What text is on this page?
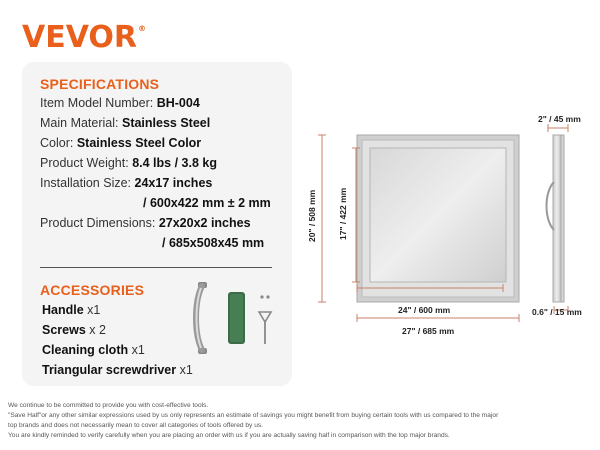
VEVOR®
SPECIFICATIONS
Item Model Number: BH-004
Main Material: Stainless Steel
Color: Stainless Steel Color
Product Weight: 8.4 lbs / 3.8 kg
Installation Size: 24x17 inches
/ 600x422 mm ± 2 mm
Product Dimensions: 27x20x2 inches
/ 685x508x45 mm
ACCESSORIES
Handle x1
Screws x 2
Cleaning cloth x1
Triangular screwdriver x1
20" / 508 mm 17" / 422 mm
24" / 600 mm
27" / 685 mm
2" / 45 mm
0.6" / 15 mm
We continue to be committed to provide you with cost-effective tools.
"Save Half"or any other similar expressions used by us only represents an estimate of savings you might benefit from buying certain tools with us compared to the major
top brands and does not necessarily mean to cover all categories of tools offered by us.
You are kindly reminded to verify carefully when you are placing an order with us if you are actually saving half in comparison with the top major brands.
